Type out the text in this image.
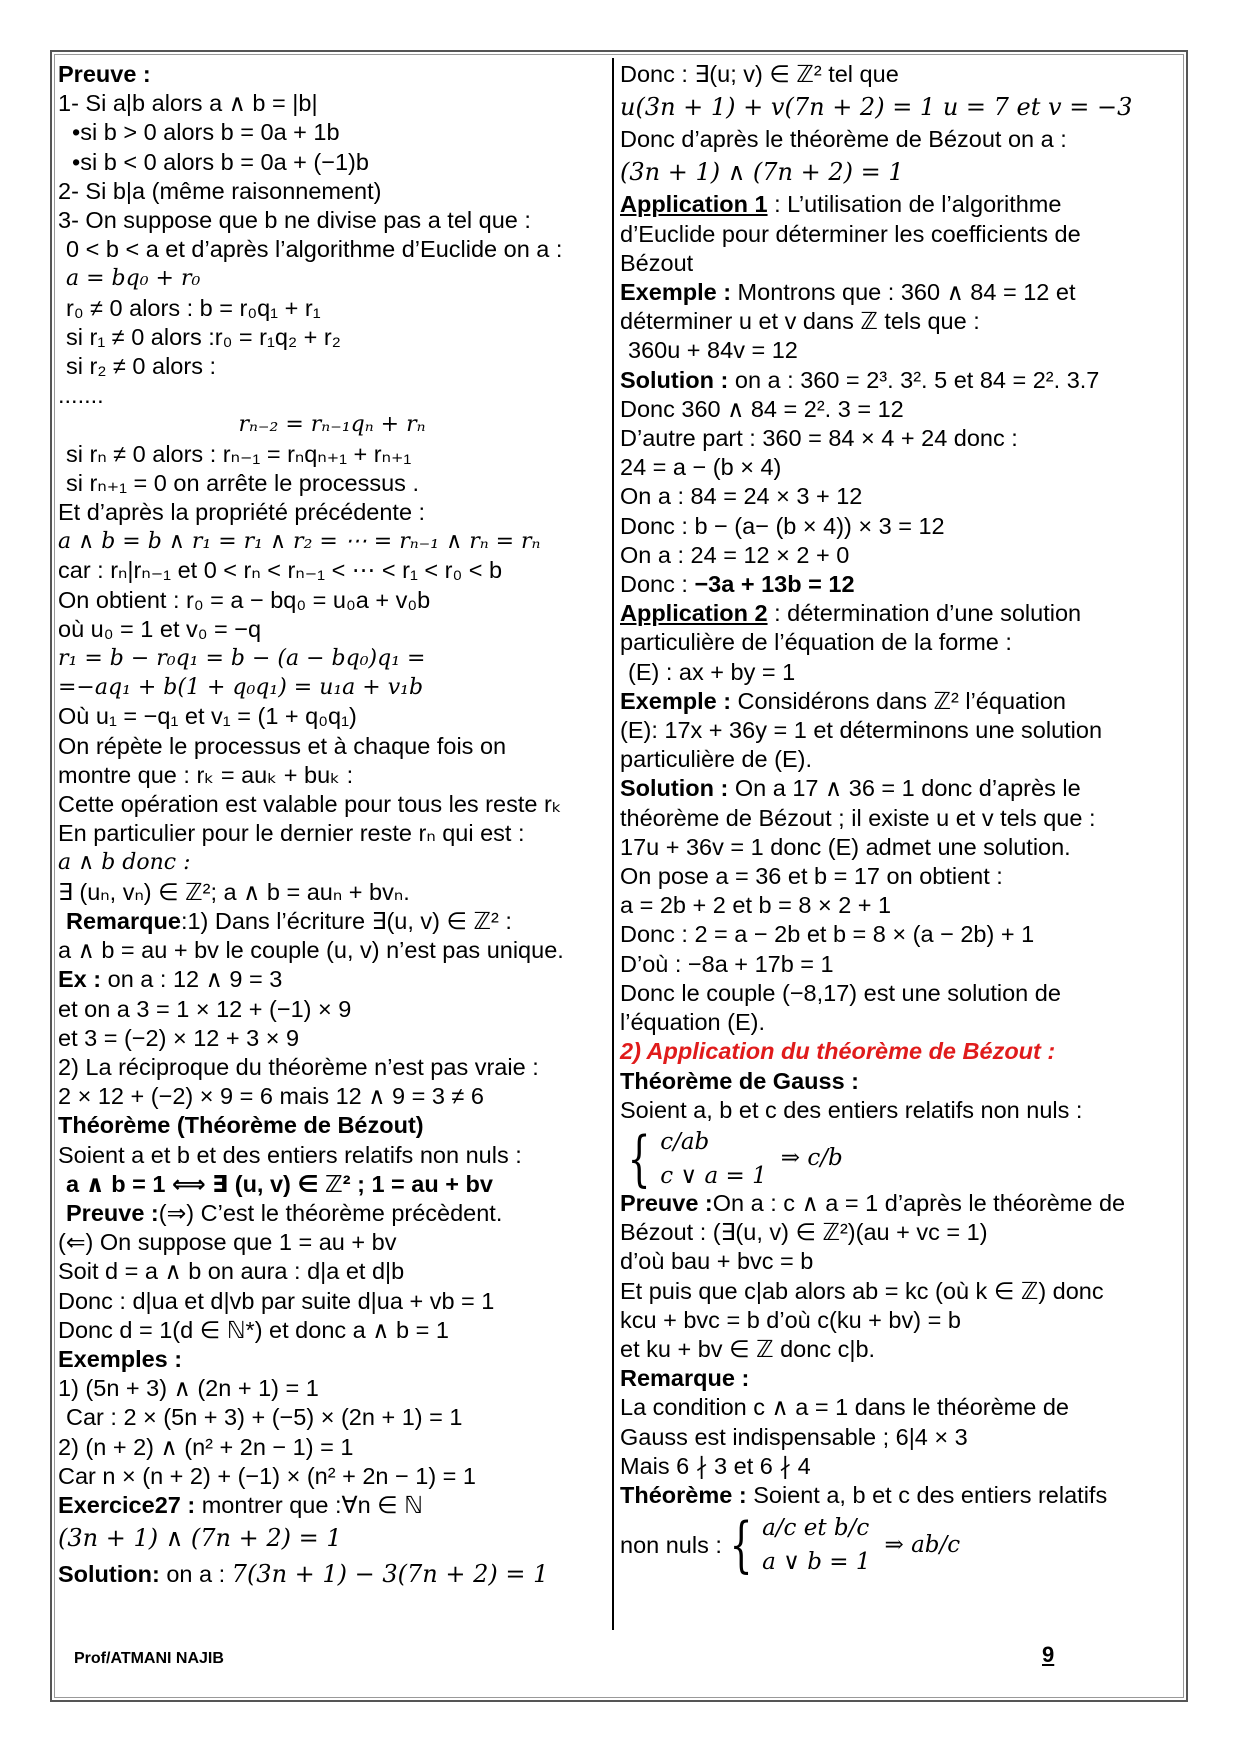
Preuve :
1- Si a|b alors a ∧ b = |b|
•si b > 0 alors b = 0a + 1b
•si b < 0 alors b = 0a + (−1)b
2- Si b|a (même raisonnement)
3- On suppose que b ne divise pas a tel que :
0 < b < a et d’après l’algorithme d’Euclide on a :
a = bq₀ + r₀
r₀ ≠ 0 alors : b = r₀q₁ + r₁
si r₁ ≠ 0 alors :r₀ = r₁q₂ + r₂
si r₂ ≠ 0 alors :
.......
rₙ₋₂ = rₙ₋₁qₙ + rₙ
si rₙ ≠ 0 alors : rₙ₋₁ = rₙqₙ₊₁ + rₙ₊₁
si rₙ₊₁ = 0 on arrête le processus .
Et d’après la propriété précédente :
a ∧ b = b ∧ r₁ = r₁ ∧ r₂ = ⋯ = rₙ₋₁ ∧ rₙ = rₙ
car : rₙ|rₙ₋₁ et 0 < rₙ < rₙ₋₁ < ⋯ < r₁ < r₀ < b
On obtient : r₀ = a − bq₀ = u₀a + v₀b
où u₀ = 1 et v₀ = −q
r₁ = b − r₀q₁ = b − (a − bq₀)q₁ =
=−aq₁ + b(1 + q₀q₁) = u₁a + v₁b
Où u₁ = −q₁ et v₁ = (1 + q₀q₁)
On répète le processus et à chaque fois on
montre que : rₖ = auₖ + buₖ :
Cette opération est valable pour tous les reste rₖ
En particulier pour le dernier reste rₙ qui est :
a ∧ b donc :
∃ (uₙ, vₙ) ∈ ℤ²; a ∧ b = auₙ + bvₙ.
Remarque:1) Dans l’écriture ∃(u, v) ∈ ℤ² :
a ∧ b = au + bv le couple (u, v) n’est pas unique.
Ex : on a : 12 ∧ 9 = 3
et on a 3 = 1 × 12 + (−1) × 9
et 3 = (−2) × 12 + 3 × 9
2) La réciproque du théorème n’est pas vraie :
2 × 12 + (−2) × 9 = 6 mais 12 ∧ 9 = 3 ≠ 6
Théorème (Théorème de Bézout)
Soient a et b et des entiers relatifs non nuls :
a ∧ b = 1 ⟺ ∃ (u, v) ∈ ℤ² ; 1 = au + bv
Preuve :(⇒) C’est le théorème précèdent.
(⇐) On suppose que 1 = au + bv
Soit d = a ∧ b on aura : d|a et d|b
Donc : d|ua et d|vb par suite d|ua + vb = 1
Donc d = 1(d ∈ ℕ*) et donc a ∧ b = 1
Exemples :
1) (5n + 3) ∧ (2n + 1) = 1
Car : 2 × (5n + 3) + (−5) × (2n + 1) = 1
2) (n + 2) ∧ (n² + 2n − 1) = 1
Car n × (n + 2) + (−1) × (n² + 2n − 1) = 1
Exercice27 : montrer que :∀n ∈ ℕ
(3n + 1) ∧ (7n + 2) = 1
Solution: on a : 7(3n + 1) − 3(7n + 2) = 1
Donc : ∃(u; v) ∈ ℤ² tel que
u(3n + 1) + v(7n + 2) = 1 u = 7 et v = −3
Donc d’après le théorème de Bézout on a :
(3n + 1) ∧ (7n + 2) = 1
Application 1 : L’utilisation de l’algorithme
d’Euclide pour déterminer les coefficients de
Bézout
Exemple : Montrons que : 360 ∧ 84 = 12 et
déterminer u et v dans ℤ tels que :
360u + 84v = 12
Solution : on a : 360 = 2³. 3². 5 et 84 = 2². 3.7
Donc 360 ∧ 84 = 2². 3 = 12
D’autre part : 360 = 84 × 4 + 24 donc :
24 = a − (b × 4)
On a : 84 = 24 × 3 + 12
Donc : b − (a− (b × 4)) × 3 = 12
On a : 24 = 12 × 2 + 0
Donc : −3a + 13b = 12
Application 2 : détermination d’une solution
particulière de l’équation de la forme :
(E) : ax + by = 1
Exemple : Considérons dans ℤ² l’équation
(E): 17x + 36y = 1 et déterminons une solution
particulière de (E).
Solution : On a 17 ∧ 36 = 1 donc d’après le
théorème de Bézout ; il existe u et v tels que :
17u + 36v = 1 donc (E) admet une solution.
On pose a = 36 et b = 17 on obtient :
a = 2b + 2 et b = 8 × 2 + 1
Donc : 2 = a − 2b et b = 8 × (a − 2b) + 1
D’où : −8a + 17b = 1
Donc le couple (−8,17) est une solution de
l’équation (E).
2) Application du théorème de Bézout :
Théorème de Gauss :
Soient a, b et c des entiers relatifs non nuls :
{ c/ab
c ∨ a = 1
⇒ c/b
Preuve :On a : c ∧ a = 1 d’après le théorème de
Bézout : (∃(u, v) ∈ ℤ²)(au + vc = 1)
d’où bau + bvc = b
Et puis que c|ab alors ab = kc (où k ∈ ℤ) donc
kcu + bvc = b d’où c(ku + bv) = b
et ku + bv ∈ ℤ donc c|b.
Remarque :
La condition c ∧ a = 1 dans le théorème de
Gauss est indispensable ; 6|4 × 3
Mais 6 ∤ 3 et 6 ∤ 4
Théorème : Soient a, b et c des entiers relatifs
non nuls : { a/c et b/c
a ∨ b = 1
⇒ ab/c
Prof/ATMANI NAJIB	9
